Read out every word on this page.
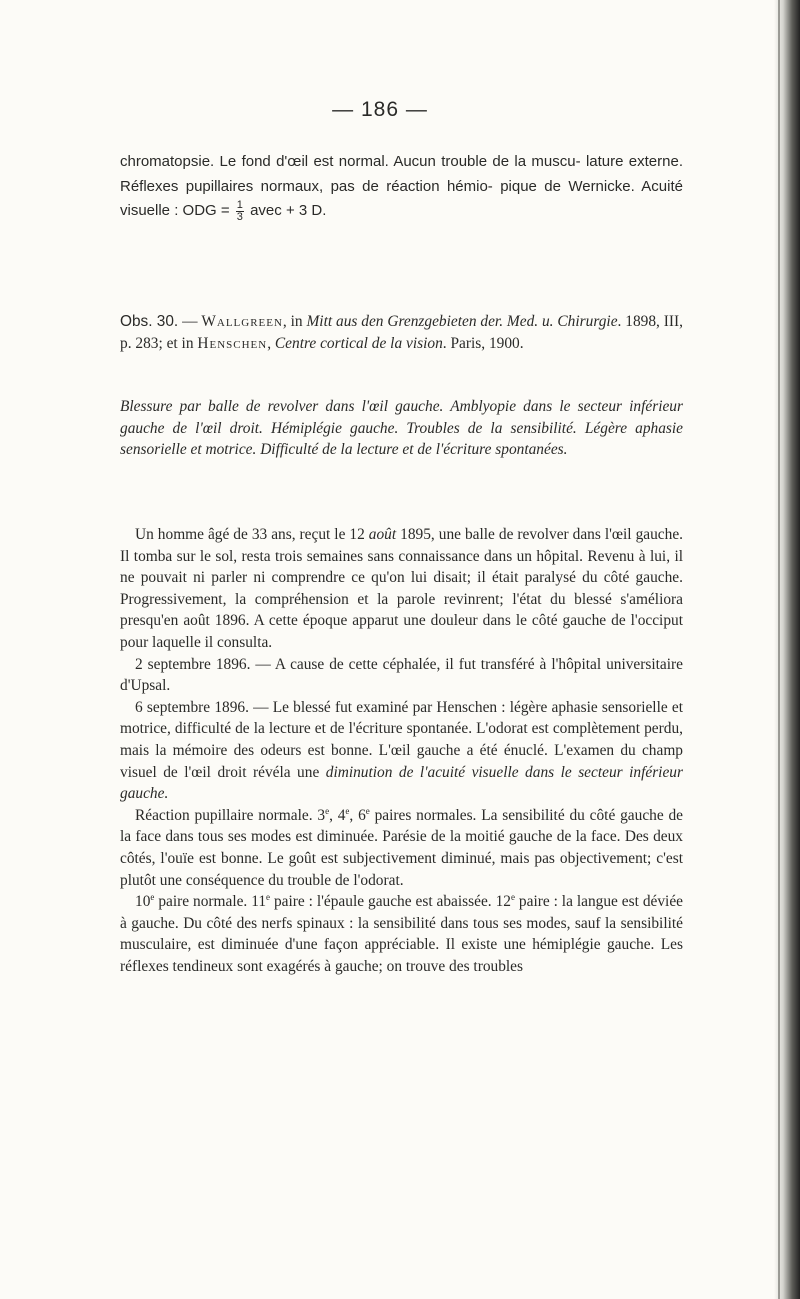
— 186 —
chromatopsie. Le fond d'œil est normal. Aucun trouble de la muscu- lature externe. Réflexes pupillaires normaux, pas de réaction hémio- pique de Wernicke. Acuité visuelle : ODG = $\frac{1}{3}$ avec + 3 D.
Obs. 30. — Wallgreen, in Mitt aus den Grenzgebieten der. Med. u. Chirurgie. 1898, III, p. 283; et in Henschen, Centre cortical de la vision. Paris, 1900.
Blessure par balle de revolver dans l'œil gauche. Amblyopie dans le secteur inférieur gauche de l'œil droit. Hémiplégie gauche. Troubles de la sensibilité. Légère aphasie sensorielle et motrice. Difficulté de la lecture et de l'écriture spontanées.

Un homme âgé de 33 ans, reçut le 12 août 1895, une balle de revolver dans l'œil gauche. Il tomba sur le sol, resta trois semaines sans connaissance dans un hôpital. Revenu à lui, il ne pouvait ni parler ni comprendre ce qu'on lui disait; il était paralysé du côté gauche. Progressivement, la compréhension et la parole revinrent; l'état du blessé s'améliora presqu'en août 1896. A cette époque apparut une douleur dans le côté gauche de l'occiput pour laquelle il consulta.

2 septembre 1896. — A cause de cette céphalée, il fut transféré à l'hôpital universitaire d'Upsal.

6 septembre 1896. — Le blessé fut examiné par Henschen : légère aphasie sensorielle et motrice, difficulté de la lecture et de l'écriture spontanée. L'odorat est complètement perdu, mais la mémoire des odeurs est bonne. L'œil gauche a été énuclé. L'examen du champ visuel de l'œil droit révéla une diminution de l'acuité visuelle dans le secteur inférieur gauche.

Réaction pupillaire normale. 3e, 4e, 6e paires normales. La sensibilité du côté gauche de la face dans tous ses modes est diminuée. Parésie de la moitié gauche de la face. Des deux côtés, l'ouïe est bonne. Le goût est subjectivement diminué, mais pas objectivement; c'est plutôt une conséquence du trouble de l'odorat.

10e paire normale. 11e paire : l'épaule gauche est abaissée. 12e paire : la langue est déviée à gauche. Du côté des nerfs spinaux : la sensibilité dans tous ses modes, sauf la sensibilité musculaire, est diminuée d'une façon appréciable. Il existe une hémiplégie gauche. Les réflexes tendineux sont exagérés à gauche; on trouve des troubles
